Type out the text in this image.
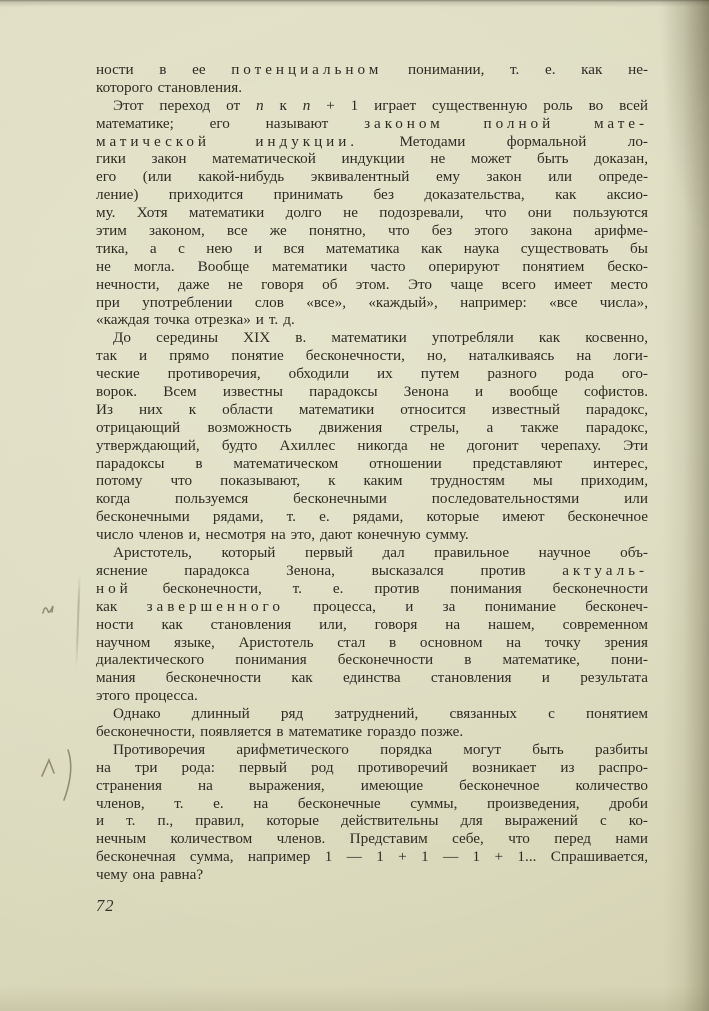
ности в ее потенциальном понимании, т. е. как не-
которого становления.
Этот переход от n к n + 1 играет существенную роль во всей
математике; его называют законом полной мате-
матической индукции. Методами формальной ло-
гики закон математической индукции не может быть доказан,
его (или какой-нибудь эквивалентный ему закон или опреде-
ление) приходится принимать без доказательства, как аксио-
му. Хотя математики долго не подозревали, что они пользуются
этим законом, все же понятно, что без этого закона арифме-
тика, а с нею и вся математика как наука существовать бы
не могла. Вообще математики часто оперируют понятием беско-
нечности, даже не говоря об этом. Это чаще всего имеет место
при употреблении слов «все», «каждый», например: «все числа»,
«каждая точка отрезка» и т. д.
До середины XIX в. математики употребляли как косвенно,
так и прямо понятие бесконечности, но, наталкиваясь на логи-
ческие противоречия, обходили их путем разного рода ого-
ворок. Всем известны парадоксы Зенона и вообще софистов.
Из них к области математики относится известный парадокс,
отрицающий возможность движения стрелы, а также парадокс,
утверждающий, будто Ахиллес никогда не догонит черепаху. Эти
парадоксы в математическом отношении представляют интерес,
потому что показывают, к каким трудностям мы приходим,
когда пользуемся бесконечными последовательностями или
бесконечными рядами, т. е. рядами, которые имеют бесконечное
число членов и, несмотря на это, дают конечную сумму.
Аристотель, который первый дал правильное научное объ-
яснение парадокса Зенона, высказался против актуаль-
ной бесконечности, т. е. против понимания бесконечности
как завершенного процесса, и за понимание бесконеч-
ности как становления или, говоря на нашем, современном
научном языке, Аристотель стал в основном на точку зрения
диалектического понимания бесконечности в математике, пони-
мания бесконечности как единства становления и результата
этого процесса.
Однако длинный ряд затруднений, связанных с понятием
бесконечности, появляется в математике гораздо позже.
Противоречия арифметического порядка могут быть разбиты
на три рода: первый род противоречий возникает из распро-
странения на выражения, имеющие бесконечное количество
членов, т. е. на бесконечные суммы, произведения, дроби
и т. п., правил, которые действительны для выражений с ко-
нечным количеством членов. Представим себе, что перед нами
бесконечная сумма, например 1 — 1 + 1 — 1 + 1... Спрашивается,
чему она равна?
72
